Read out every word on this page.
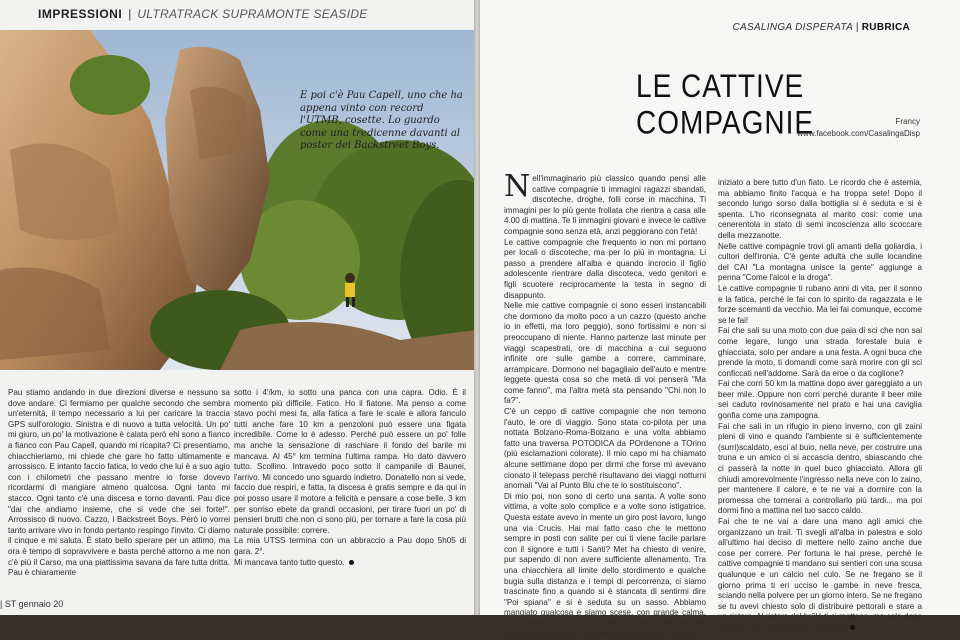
IMPRESSIONI | ULTRATRACK SUPRAMONTE SEASIDE

E poi c'è Pau Capell, uno che ha appena vinto con record l'UTMB, cosette. Lo guardo come una tredicenne davanti al poster dei Backstreet Boys.

Pau stiamo andando in due direzioni diverse e nessuno sa dove andare. Ci fermiamo per qualche secondo che sembra un'eternità, il tempo necessario a lui per caricare la traccia GPS sull'orologio. Sinistra e di nuovo a tutta velocità. Un po' mi giuro, un po' la motivazione è calata però ehi sono a fianco a fianco con Pau Capell, quando mi ricapita? Ci presentiamo, chiacchieriamo, mi chiede che gare ho fatto ultimamente e arrossisco. E intanto faccio fatica, lo vedo che lui è a suo agio con i chilometri che passano mentre io forse dovevo ricordarmi di mangiare almeno qualcosa. Ogni tanto mi stacco. Ogni tanto c'è una discesa e torno davanti. Pau dice "dai che andiamo insieme, che si vede che sei forte!". Arrossisco di nuovo. Cazzo, i Backstreet Boys. Però io vorrei tanto arrivare vivo in fondo pertanto respingo l'invito. Ci diamo il cinque e mi saluta. È stato bello sperare per un attimo, ma ora è tempo di sopravvivere e basta perché attorno a me non c'è più il Carso, ma una piattissima savana da fare tutta dritta. Pau è chiaramente

sotto i 4'/km, io sotto una panca con una capra. Odio. È il momento più difficile. Fatico. Ho il fiatone. Ma penso a come stavo pochi mesi fa, alla fatica a fare le scale e allora fanculo tutti anche fare 10 km a penzoloni può essere una figata incredibile. Come lo è adesso. Perché può essere un po' folle ma anche la sensazione di raschiare il fondo del barile mi mancava. Al 45° km termina l'ultima rampa. Ho dato davvero tutto. Scollino. Intravedo poco sotto il campanile di Baunei, l'arrivo. Mi concedo uno sguardo indietro. Donatello non si vede, faccio due respiri, e fatta, la discesa è gratis sempre e da qui in poi posso usare il motore a felicità e pensare a cose belle. 3 km per sorriso ebete da grandi occasioni, per tirare fuori un po' di pensieri brutti che non ci sono più, per tornare a fare la cosa più naturale possibile: correre.

La mia UTSS termina con un abbraccio a Pau dopo 5h05 di gara. 2°.

Mi mancava tanto tutto questo.

| ST gennaio 20
CASALINGA DISPERATA | RUBRICA
LE CATTIVE COMPAGNIE	Francy
www.facebook.com/CasalingaDisp

Nell'immaginario più classico quando pensi alle cattive compagnie ti immagini ragazzi sbandati, discoteche, droghe, folli corse in macchina. Ti immagini per lo più gente frollata che rientra a casa alle 4.00 di mattina. Te li immagini giovani e invece le cattive compagnie sono senza età, anzi peggiorano con l'età!

Le cattive compagnie che frequento io non mi portano per locali o discoteche, ma per lo più in montagna. Li passo a prendere all'alba e quando incrocio il figlio adolescente rientrare dalla discoteca, vedo genitori e figli scuotere reciprocamente la testa in segno di disappunto.

Nelle mie cattive compagnie ci sono esseri instancabili che dormono da molto poco a un cazzo (questo anche io in effetti, ma loro peggio), sono fortissimi e non si preoccupano di niente. Hanno partenze last minute per viaggi scapestrati, ore di macchina a cui seguono infinite ore sulle gambe a correre, camminare, arrampicare. Dormono nel bagagliaio dell'auto e mentre leggete questa cosa so che metà di voi penserà "Ma come fanno", ma l'altra metà sta pensando "Chi non lo fa?".

C'è un ceppo di cattive compagnie che non temono l'auto, le ore di viaggio. Sono stata co-pilota per una nottata Bolzano-Roma-Bolzano e una volta abbiamo fatto una traversa POTODICA da POrdenone a TOrino (più esclamazioni colorate). Il mio capo mi ha chiamato alcune settimane dopo per dirmi che forse mi avevano cionato il telepass perché risultavano dei viaggi notturni anomali "Vai al Punto Blu che te lo sostituiscono".

Di mio poi, non sono di certo una santa. A volte sono vittima, a volte solo complice e a volte sono istigatrice. Questa estate avevo in mente un giro post lavoro, lungo una via Crucis. Hai mai fatto caso che le mettono sempre in posti con salite per cui ti viene facile parlare con il signore e tutti i Santi? Met ha chiesto di venire, pur sapendo di non avere sufficiente allenamento. Tra una chiacchiera all limite dello stordimento e qualche bugia sulla distanza e i tempi di percorrenza, ci siamo trascinate fino a quando si è stancata di sentirmi dire "Poi spiana" e si è seduta su un sasso. Abbiamo mangiato qualcosa e siamo scese, con grande calma, con grande buio e con grande luna piena. Arrivate alla macchina avevo solo una bottiglia di prosecco che ha

iniziato a bere tutto d'un fiato. Le ricordo che è astemia, ma abbiamo finito l'acqua e ha troppa sete! Dopo il secondo lungo sorso dalla bottiglia si è seduta e si è spenta. L'ho riconsegnata al marito così: come una cenerentola in stato di semi incoscienza allo scoccare della mezzanotte.

Nelle cattive compagnie trovi gli amanti della goliardia, i cultori dell'ironia. C'è gente adulta che sulle locandine del CAI "La montagna unisce la gente" aggiunge a penna "Come l'alcol e la droga".

Le cattive compagnie ti rubano anni di vita, per il sonno e la fatica, perché le fai con lo spirito da ragazzata e le forze scemanti da vecchio. Ma lei fai comunque, eccome se le fai!

Fai che sali su una moto con due paia di sci che non sai come legare, lungo una strada forestale buia e ghiacciata, solo per andare a una festa. A ogni buca che prende la moto, ti domandi come sarà morire con gli sci conficcati nell'addome. Sarà da eroe o da coglione?

Fai che corri 50 km la mattina dopo aver gareggiato a un beer mile. Oppure non corri perché durante il beer mile sei caduto rovinosamente nel prato e hai una caviglia gonfia come una zampogna.

Fai che sali in un rifugio in pieno inverno, con gli zaini pieni di vino e quando l'ambiente si è sufficientemente (surri)scaldato, esci al buio, nella neve, per costruire una truna e un amico ci si accascia dentro, sbiascando che ci passerà la notte in quel buco ghiacciato. Allora gli chiudi amorevolmente l'ingresso nella neve con lo zaino, per mantenere il calore, e te ne vai a dormire con la promessa che tornerai a controllarlo più tardi... ma poi dormi fino a mattina nel tuo sacco caldo.

Fai che te ne vai a dare una mano agli amici che organizzano un trail. Ti svegli all'alba in palestra e solo all'ultimo hai deciso di mettere nello zaino anche due cose per correre. Per fortuna le hai prese, perché le cattive compagnie ti mandano sui sentieri con una scusa qualunque e un calcio nel culo. Se ne fregano se il giorno prima ti eri ucciso le gambe in neve fresca, sciando nella polvere per un giorno intero. Se ne fregano se tu avevi chiesto solo di distribuire pettorali e stare a un ristoro. Al ristoro del brûlé ti ci mettono, ma solo dopo che hai corso sbalisando il sentiero!
